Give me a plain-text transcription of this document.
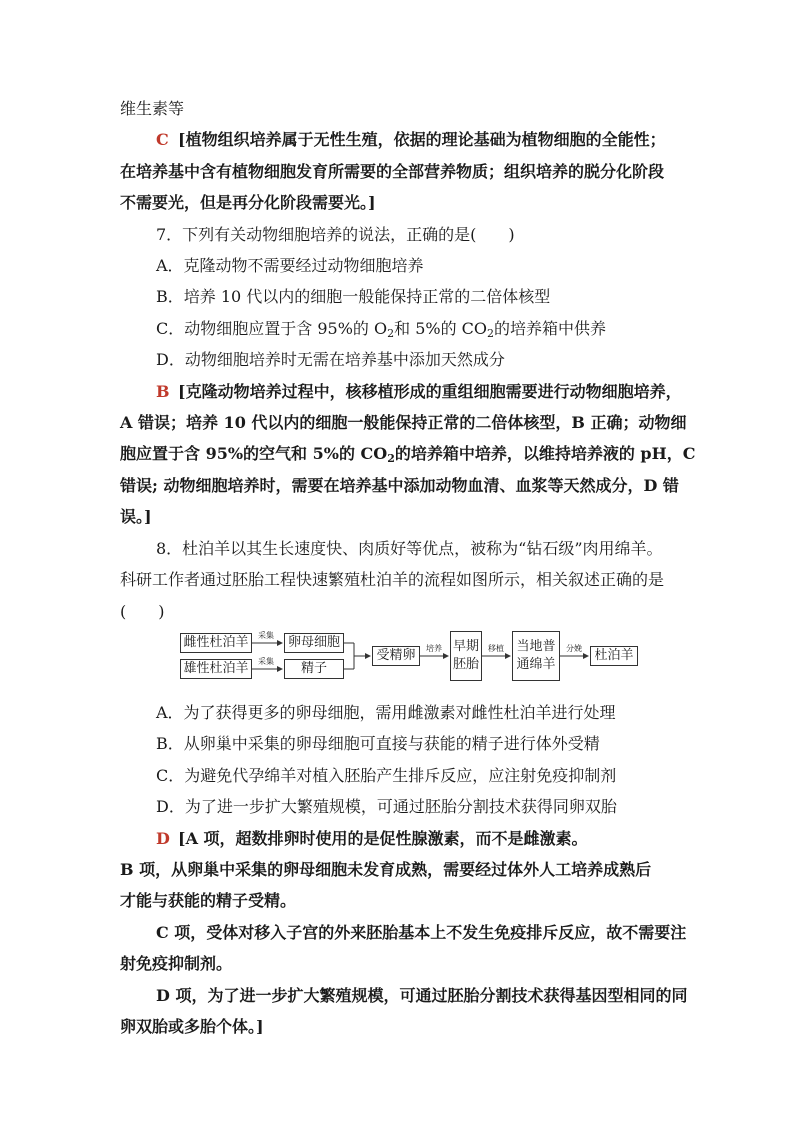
维生素等
C [植物组织培养属于无性生殖，依据的理论基础为植物细胞的全能性；
在培养基中含有植物细胞发育所需要的全部营养物质；组织培养的脱分化阶段
不需要光，但是再分化阶段需要光。]
7．下列有关动物细胞培养的说法，正确的是(　　)
A．克隆动物不需要经过动物细胞培养
B．培养 10 代以内的细胞一般能保持正常的二倍体核型
C．动物细胞应置于含 95%的 $O_2$和 5%的 $CO_2$的培养箱中供养
D．动物细胞培养时无需在培养基中添加天然成分
B [克隆动物培养过程中，核移植形成的重组细胞需要进行动物细胞培养，
A 错误；培养 10 代以内的细胞一般能保持正常的二倍体核型，B 正确；动物细
胞应置于含 95%的空气和 5%的 $CO_2$的培养箱中培养，以维持培养液的 pH，C
错误; 动物细胞培养时，需要在培养基中添加动物血清、血浆等天然成分，D 错
误。]
8．杜泊羊以其生长速度快、肉质好等优点，被称为“钻石级”肉用绵羊。
科研工作者通过胚胎工程快速繁殖杜泊羊的流程如图所示，相关叙述正确的是
(　　)
雌性杜泊羊
雄性杜泊羊
采集
采集
卵母细胞
精子
受精卵	培养 早期
胚胎
移植 当地普
通绵羊
分娩 杜泊羊
A．为了获得更多的卵母细胞，需用雌激素对雌性杜泊羊进行处理
B．从卵巢中采集的卵母细胞可直接与获能的精子进行体外受精
C．为避免代孕绵羊对植入胚胎产生排斥反应，应注射免疫抑制剂
D．为了进一步扩大繁殖规模，可通过胚胎分割技术获得同卵双胎
D [A 项，超数排卵时使用的是促性腺激素，而不是雌激素。
B 项，从卵巢中采集的卵母细胞未发育成熟，需要经过体外人工培养成熟后
才能与获能的精子受精。
C 项，受体对移入子宫的外来胚胎基本上不发生免疫排斥反应，故不需要注
射免疫抑制剂。
D 项，为了进一步扩大繁殖规模，可通过胚胎分割技术获得基因型相同的同
卵双胎或多胎个体。]
